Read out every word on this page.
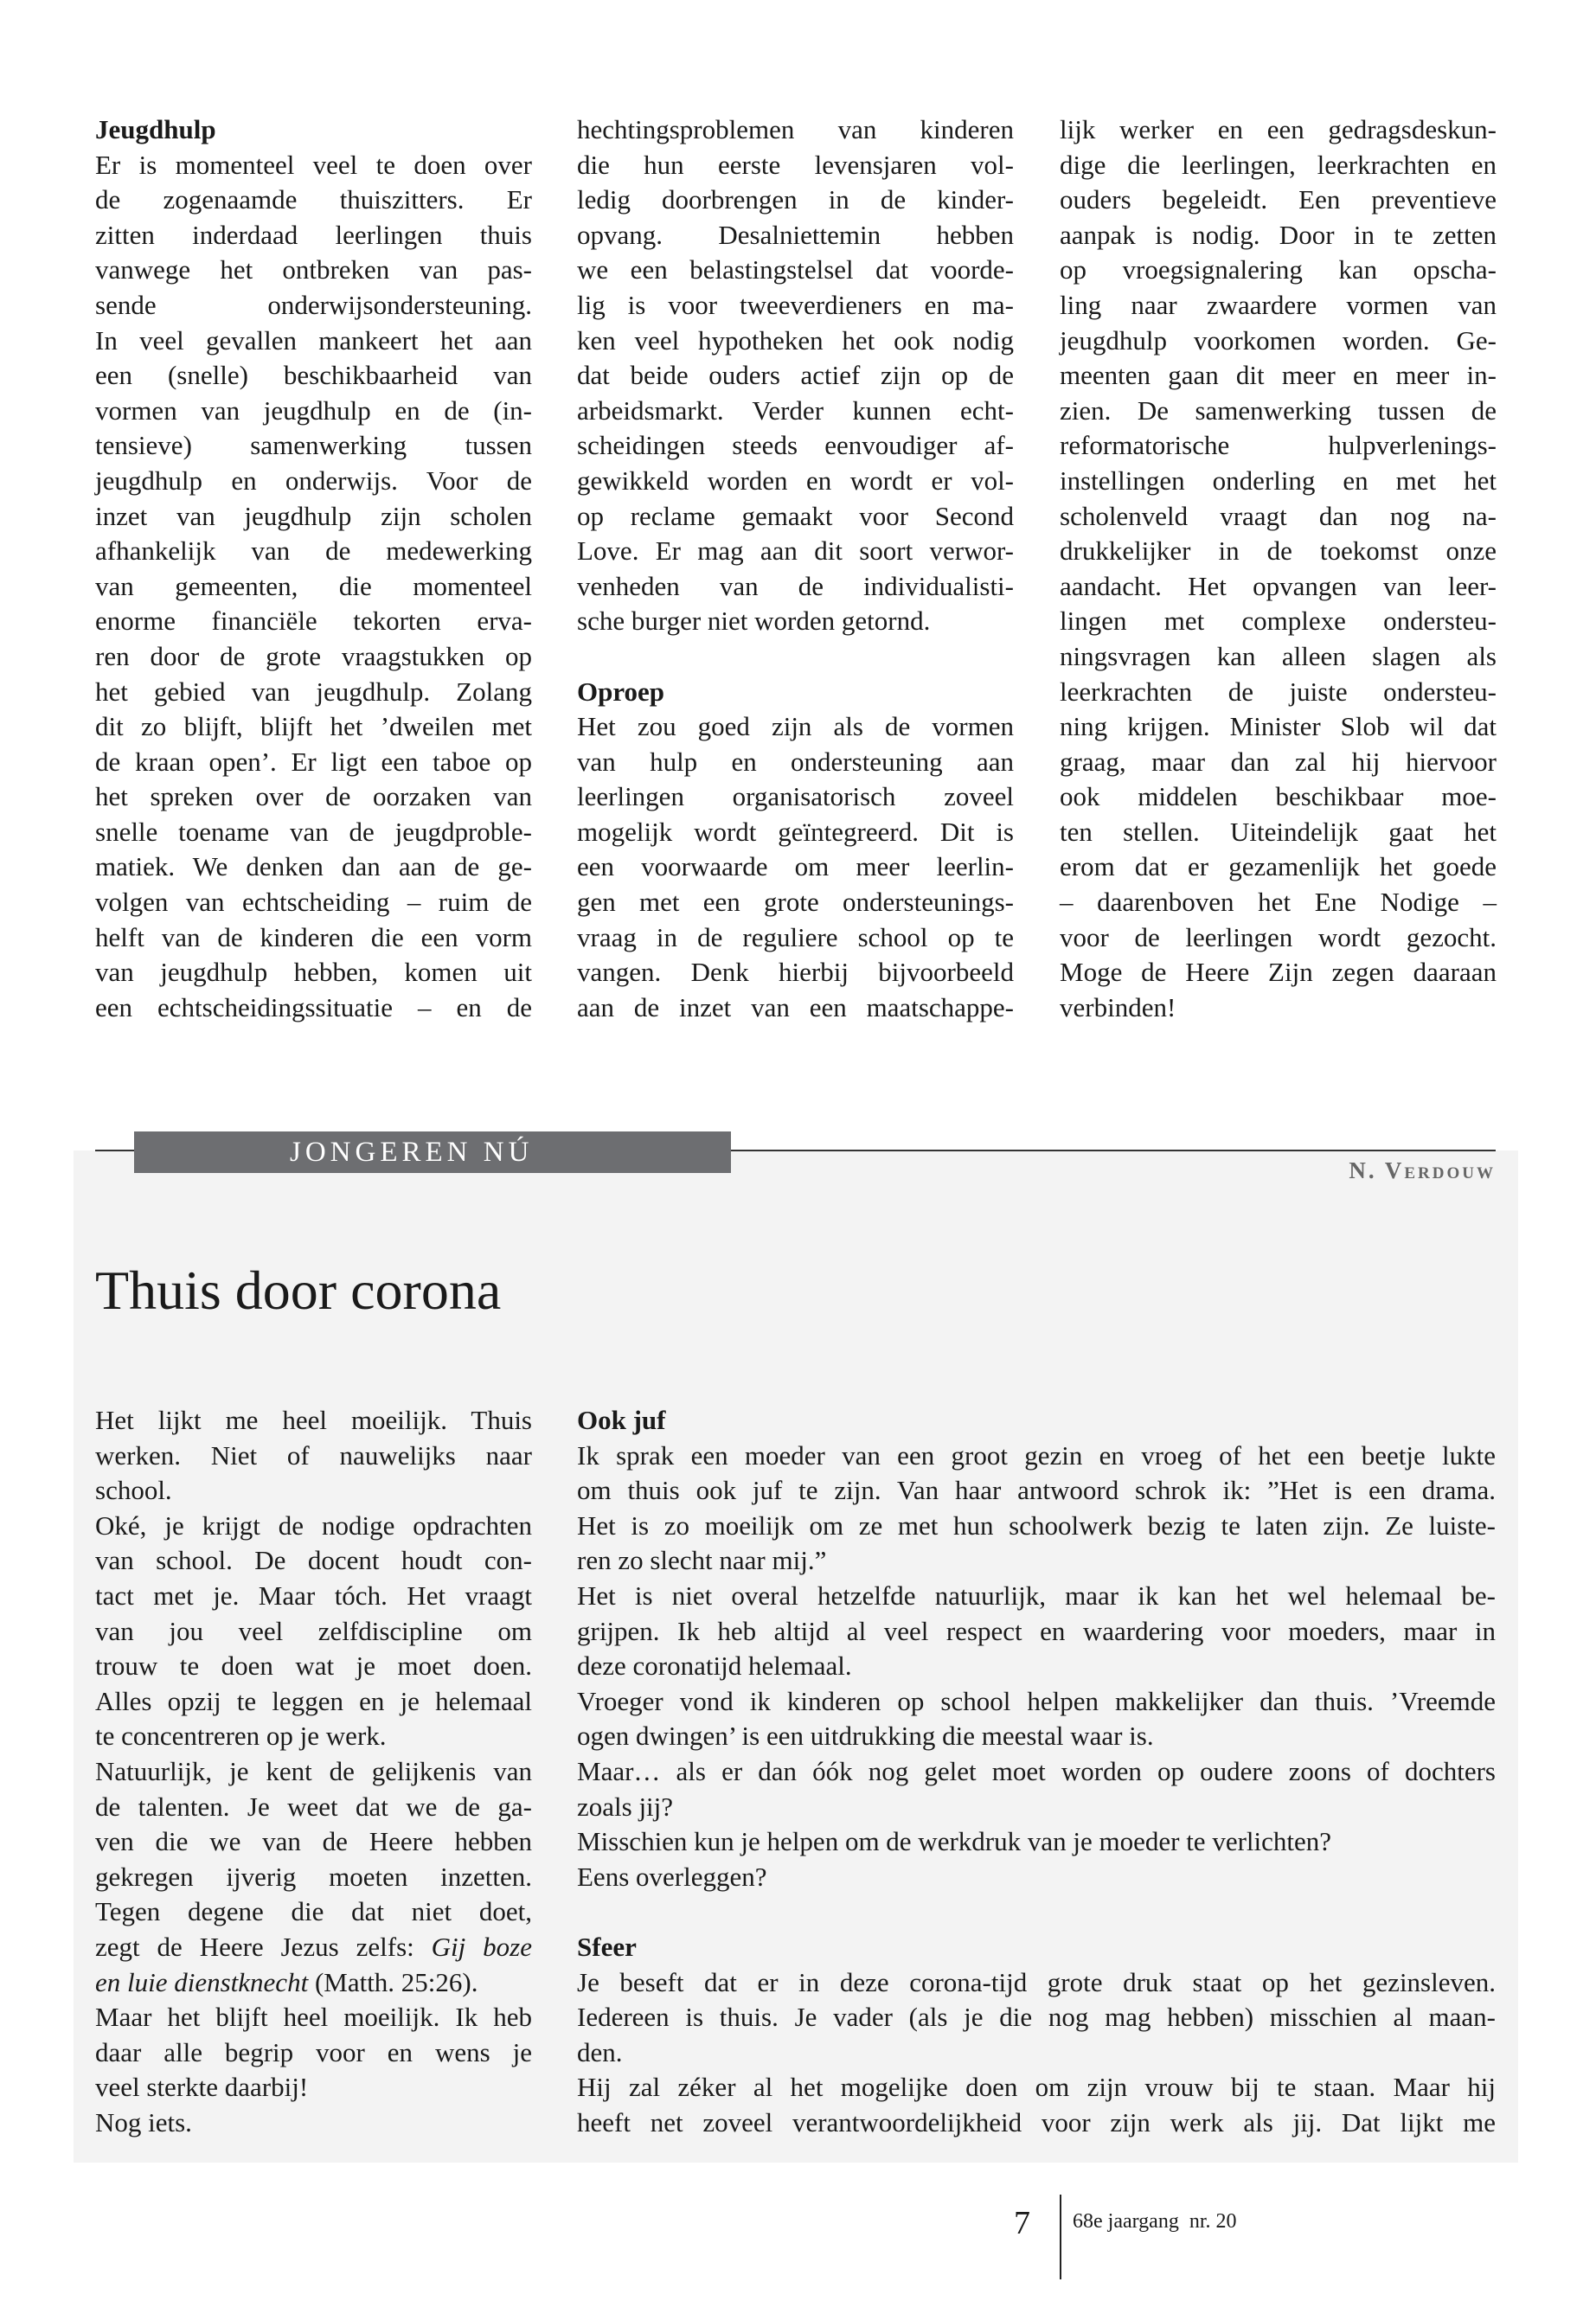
JONGEREN NÚ
N. Verdouw
Thuis door corona
Jeugdhulp
Er is momenteel veel te doen over
de zogenaamde thuiszitters. Er
zitten inderdaad leerlingen thuis
vanwege het ontbreken van pas-
sende onderwijsondersteuning.
In veel gevallen mankeert het aan
een (snelle) beschikbaarheid van
vormen van jeugdhulp en de (in-
tensieve) samenwerking tussen
jeugdhulp en onderwijs. Voor de
inzet van jeugdhulp zijn scholen
afhankelijk van de medewerking
van gemeenten, die momenteel
enorme financiële tekorten erva-
ren door de grote vraagstukken op
het gebied van jeugdhulp. Zolang
dit zo blijft, blijft het ’dweilen met
de kraan open’. Er ligt een taboe op
het spreken over de oorzaken van
snelle toename van de jeugdproble-
matiek. We denken dan aan de ge-
volgen van echtscheiding – ruim de
helft van de kinderen die een vorm
van jeugdhulp hebben, komen uit
een echtscheidingssituatie – en de
hechtingsproblemen van kinderen
die hun eerste levensjaren vol-
ledig doorbrengen in de kinder-
opvang. Desalniettemin hebben
we een belastingstelsel dat voorde-
lig is voor tweeverdieners en ma-
ken veel hypotheken het ook nodig
dat beide ouders actief zijn op de
arbeidsmarkt. Verder kunnen echt-
scheidingen steeds eenvoudiger af-
gewikkeld worden en wordt er vol-
op reclame gemaakt voor Second
Love. Er mag aan dit soort verwor-
venheden van de individualisti-
sche burger niet worden getornd.
Oproep
Het zou goed zijn als de vormen
van hulp en ondersteuning aan
leerlingen organisatorisch zoveel
mogelijk wordt geïntegreerd. Dit is
een voorwaarde om meer leerlin-
gen met een grote ondersteunings-
vraag in de reguliere school op te
vangen. Denk hierbij bijvoorbeeld
aan de inzet van een maatschappe-
lijk werker en een gedragsdeskun-
dige die leerlingen, leerkrachten en
ouders begeleidt. Een preventieve
aanpak is nodig. Door in te zetten
op vroegsignalering kan opscha-
ling naar zwaardere vormen van
jeugdhulp voorkomen worden. Ge-
meenten gaan dit meer en meer in-
zien. De samenwerking tussen de
reformatorische hulpverlenings-
instellingen onderling en met het
scholenveld vraagt dan nog na-
drukkelijker in de toekomst onze
aandacht. Het opvangen van leer-
lingen met complexe ondersteu-
ningsvragen kan alleen slagen als
leerkrachten de juiste ondersteu-
ning krijgen. Minister Slob wil dat
graag, maar dan zal hij hiervoor
ook middelen beschikbaar moe-
ten stellen. Uiteindelijk gaat het
erom dat er gezamenlijk het goede
– daarenboven het Ene Nodige –
voor de leerlingen wordt gezocht.
Moge de Heere Zijn zegen daaraan
verbinden!
Het lijkt me heel moeilijk. Thuis
werken. Niet of nauwelijks naar
school.
Oké, je krijgt de nodige opdrachten
van school. De docent houdt con-
tact met je. Maar tóch. Het vraagt
van jou veel zelfdiscipline om
trouw te doen wat je moet doen.
Alles opzij te leggen en je helemaal
te concentreren op je werk.
Natuurlijk, je kent de gelijkenis van
de talenten. Je weet dat we de ga-
ven die we van de Heere hebben
gekregen ijverig moeten inzetten.
Tegen degene die dat niet doet,
zegt de Heere Jezus zelfs: Gij boze
en luie dienstknecht (Matth. 25:26).
Maar het blijft heel moeilijk. Ik heb
daar alle begrip voor en wens je
veel sterkte daarbij!
Nog iets.
Ook juf
Ik sprak een moeder van een groot gezin en vroeg of het een beetje lukte
om thuis ook juf te zijn. Van haar antwoord schrok ik: ”Het is een drama.
Het is zo moeilijk om ze met hun schoolwerk bezig te laten zijn. Ze luiste-
ren zo slecht naar mij.”
Het is niet overal hetzelfde natuurlijk, maar ik kan het wel helemaal be-
grijpen. Ik heb altijd al veel respect en waardering voor moeders, maar in
deze coronatijd helemaal.
Vroeger vond ik kinderen op school helpen makkelijker dan thuis. ’Vreemde
ogen dwingen’ is een uitdrukking die meestal waar is.
Maar… als er dan óók nog gelet moet worden op oudere zoons of dochters
zoals jij?
Misschien kun je helpen om de werkdruk van je moeder te verlichten?
Eens overleggen?
Sfeer
Je beseft dat er in deze corona-tijd grote druk staat op het gezinsleven.
Iedereen is thuis. Je vader (als je die nog mag hebben) misschien al maan-
den.
Hij zal zéker al het mogelijke doen om zijn vrouw bij te staan. Maar hij
heeft net zoveel verantwoordelijkheid voor zijn werk als jij. Dat lijkt me
7 68e jaargang  nr. 20
